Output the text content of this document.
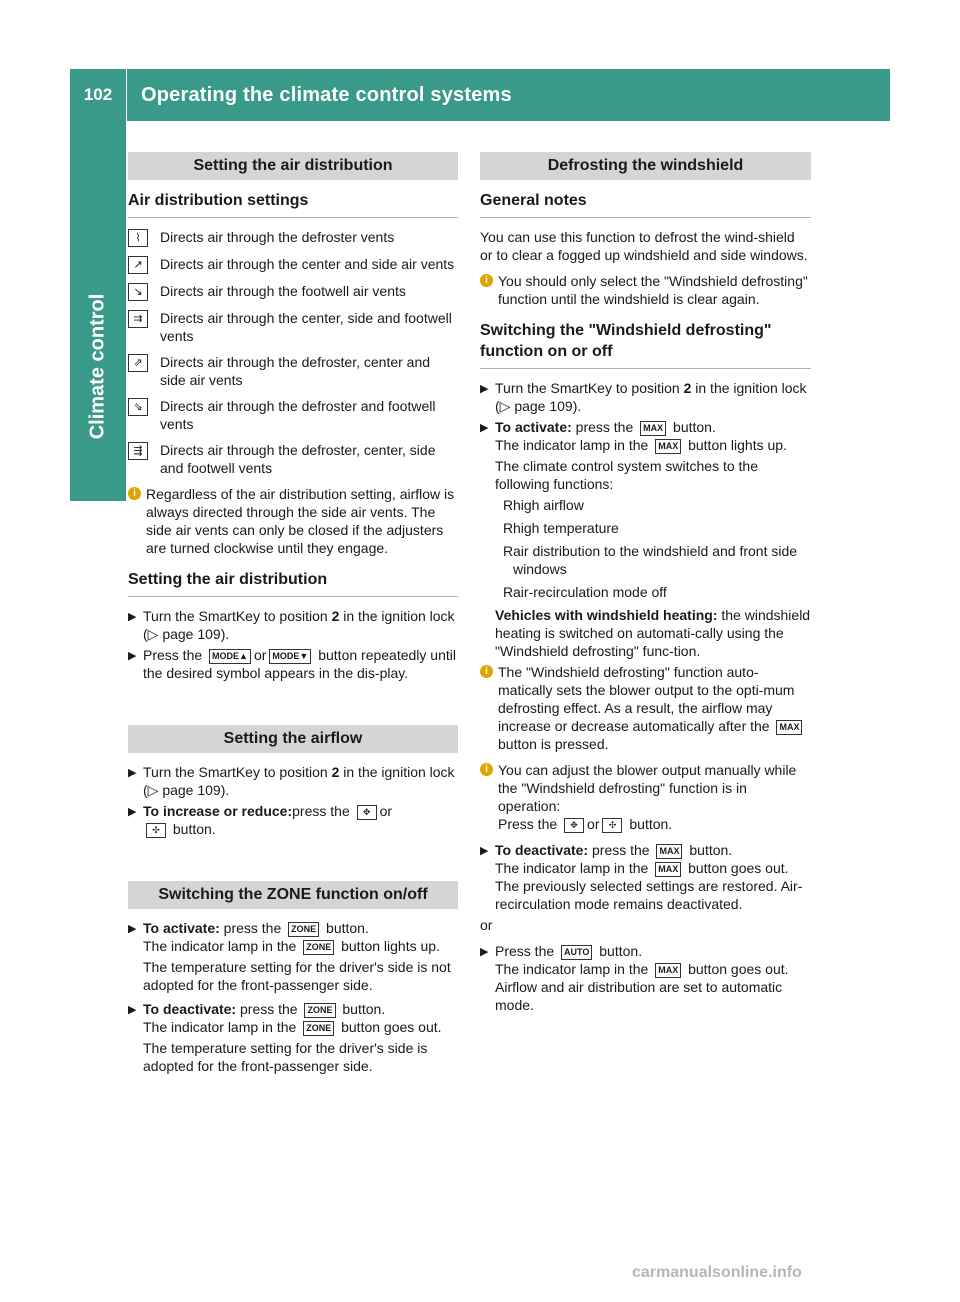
102	Operating the climate control systems
Climate control
Setting the air distribution
Air distribution settings
⌇	Directs air through the defroster vents
↗	Directs air through the center and side air vents
↘	Directs air through the footwell air vents
⇉	Directs air through the center, side and footwell vents
⇗	Directs air through the defroster, center and side air vents
⇘	Directs air through the defroster and footwell vents
⇶	Directs air through the defroster, center, side and footwell vents
i Regardless of the air distribution setting, airflow is always directed through the side air vents. The side air vents can only be closed if the adjusters are turned clockwise until they engage.
Setting the air distribution
▶ Turn the SmartKey to position 2 in the ignition lock (▷ page 109).
▶ Press the MODE▲ or MODE▼ button repeatedly until the desired symbol appears in the dis-play.
Setting the airflow
▶ Turn the SmartKey to position 2 in the ignition lock (▷ page 109).
▶ To increase or reduce:press the ✥ or
✣ button.
Switching the ZONE function on/off
▶ To activate: press the ZONE button.
The indicator lamp in the ZONE button lights up.
The temperature setting for the driver's side is not adopted for the front-passenger side.
▶ To deactivate: press the ZONE button.
The indicator lamp in the ZONE button goes out.
The temperature setting for the driver's side is adopted for the front-passenger side.
Defrosting the windshield
General notes

You can use this function to defrost the wind-shield or to clear a fogged up windshield and side windows.

i You should only select the "Windshield defrosting" function until the windshield is clear again.
Switching the "Windshield defrosting" function on or off
▶ Turn the SmartKey to position 2 in the ignition lock (▷ page 109).
▶ To activate: press the MAX button.
The indicator lamp in the MAX button lights up.
The climate control system switches to the following functions:
R high airflow
R high temperature
R air distribution to the windshield and front side windows
R air-recirculation mode off
Vehicles with windshield heating: the windshield heating is switched on automati-cally using the "Windshield defrosting" func-tion.
i The "Windshield defrosting" function auto-matically sets the blower output to the opti-mum defrosting effect. As a result, the airflow may increase or decrease automatically after the MAX button is pressed.
i You can adjust the blower output manually while the "Windshield defrosting" function is in operation:
Press the ✥ or ✣ button.
▶ To deactivate: press the MAX button.
The indicator lamp in the MAX button goes out. The previously selected settings are restored. Air-recirculation mode remains deactivated.

or

▶ Press the AUTO button.
The indicator lamp in the MAX button goes out. Airflow and air distribution are set to automatic mode.
carmanualsonline.info
